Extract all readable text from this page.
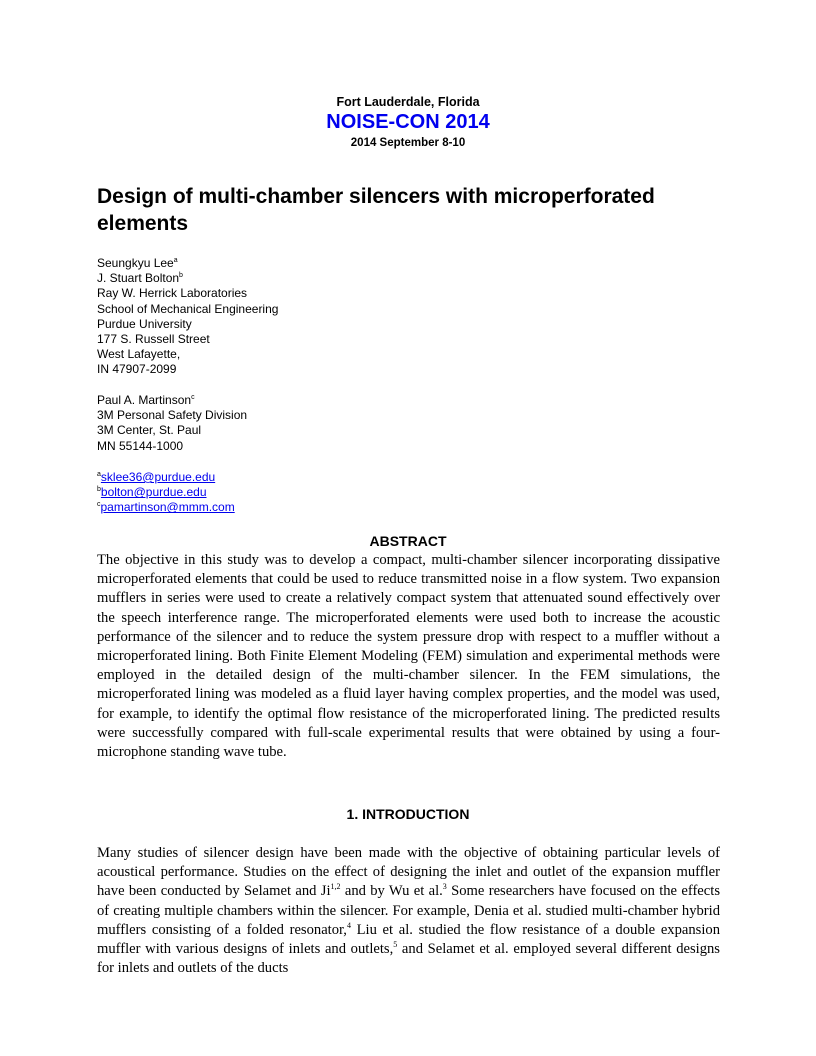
Fort Lauderdale, Florida
NOISE-CON 2014
2014 September 8-10
Design of multi-chamber silencers with microperforated elements
Seungkyu Lee$^a$
J. Stuart Bolton$^b$
Ray W. Herrick Laboratories
School of Mechanical Engineering
Purdue University
177 S. Russell Street
West Lafayette,
IN 47907-2099
Paul A. Martinson$^c$
3M Personal Safety Division
3M Center, St. Paul
MN 55144-1000
$^a$sklee36@purdue.edu
$^b$bolton@purdue.edu
$^c$pamartinson@mmm.com
ABSTRACT
The objective in this study was to develop a compact, multi-chamber silencer incorporating dissipative microperforated elements that could be used to reduce transmitted noise in a flow system. Two expansion mufflers in series were used to create a relatively compact system that attenuated sound effectively over the speech interference range. The microperforated elements were used both to increase the acoustic performance of the silencer and to reduce the system pressure drop with respect to a muffler without a microperforated lining. Both Finite Element Modeling (FEM) simulation and experimental methods were employed in the detailed design of the multi-chamber silencer. In the FEM simulations, the microperforated lining was modeled as a fluid layer having complex properties, and the model was used, for example, to identify the optimal flow resistance of the microperforated lining. The predicted results were successfully compared with full-scale experimental results that were obtained by using a four-microphone standing wave tube.
1. INTRODUCTION
Many studies of silencer design have been made with the objective of obtaining particular levels of acoustical performance. Studies on the effect of designing the inlet and outlet of the expansion muffler have been conducted by Selamet and Ji$^{1,2}$ and by Wu et al.$^3$ Some researchers have focused on the effects of creating multiple chambers within the silencer. For example, Denia et al. studied multi-chamber hybrid mufflers consisting of a folded resonator,$^4$ Liu et al. studied the flow resistance of a double expansion muffler with various designs of inlets and outlets,$^5$ and Selamet et al. employed several different designs for inlets and outlets of the ducts
